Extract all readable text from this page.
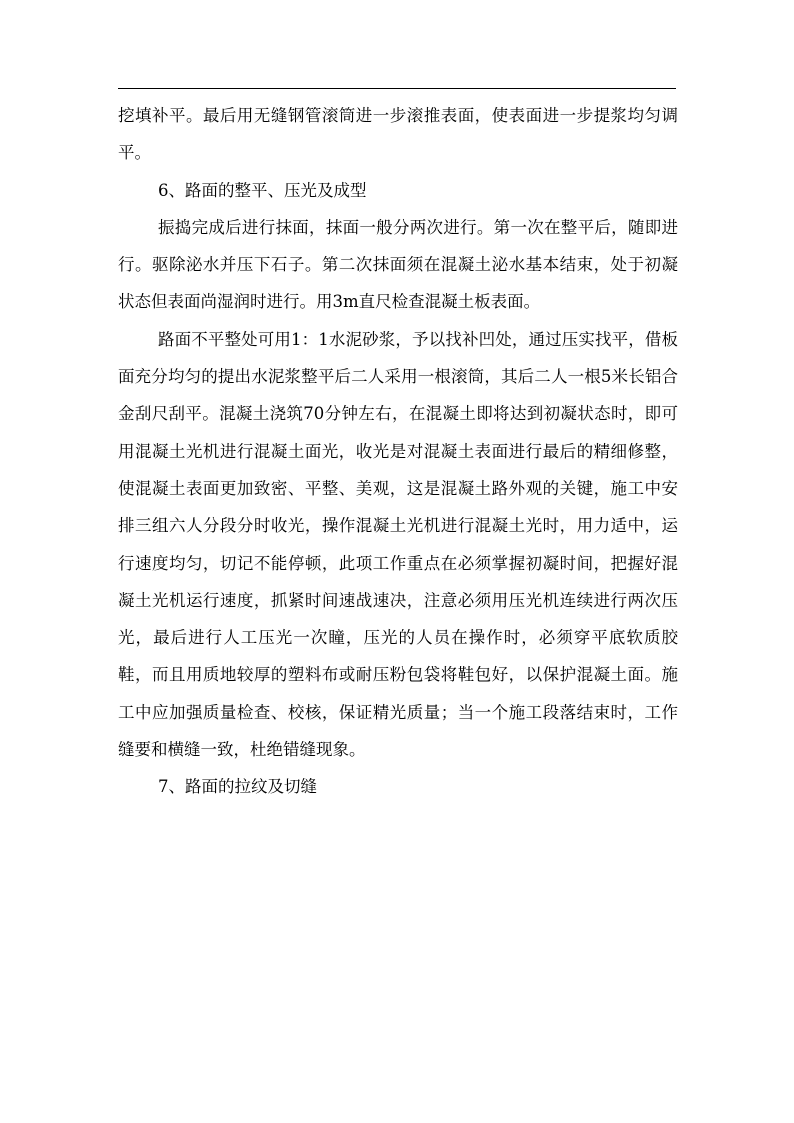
挖填补平。最后用无缝钢管滚筒进一步滚推表面，使表面进一步提浆均匀调平。

6、路面的整平、压光及成型

振捣完成后进行抹面，抹面一般分两次进行。第一次在整平后，随即进行。驱除泌水并压下石子。第二次抹面须在混凝土泌水基本结束，处于初凝状态但表面尚湿润时进行。用3m直尺检查混凝土板表面。

路面不平整处可用1：1水泥砂浆，予以找补凹处，通过压实找平，借板面充分均匀的提出水泥浆整平后二人采用一根滚筒，其后二人一根5米长铝合金刮尺刮平。混凝土浇筑70分钟左右，在混凝土即将达到初凝状态时，即可用混凝土光机进行混凝土面光，收光是对混凝土表面进行最后的精细修整，使混凝土表面更加致密、平整、美观，这是混凝土路外观的关键，施工中安排三组六人分段分时收光，操作混凝土光机进行混凝土光时，用力适中，运行速度均匀，切记不能停顿，此项工作重点在必须掌握初凝时间，把握好混凝土光机运行速度，抓紧时间速战速决，注意必须用压光机连续进行两次压光，最后进行人工压光一次瞳，压光的人员在操作时，必须穿平底软质胶鞋，而且用质地较厚的塑料布或耐压粉包袋将鞋包好，以保护混凝土面。施工中应加强质量检查、校核，保证精光质量；当一个施工段落结束时，工作缝要和横缝一致，杜绝错缝现象。

7、路面的拉纹及切缝
